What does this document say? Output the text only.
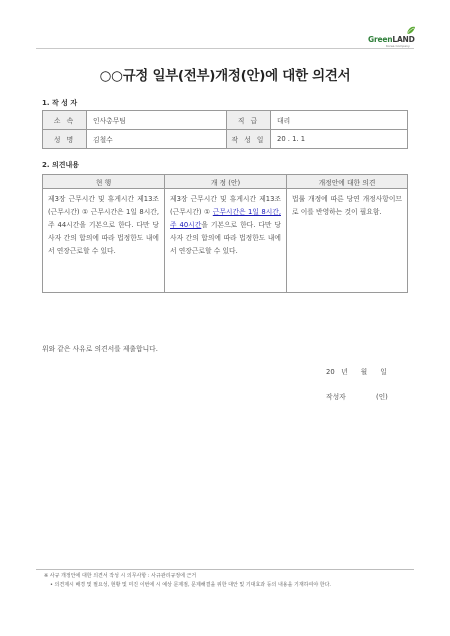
GreenLAND
Korea Company
○○규정 일부(전부)개정(안)에 대한 의견서
1. 작 성 자
소 속	인사총무팀	직 급	대리
성 명	김철수	작 성 일	20 . 1. 1
2. 의견내용
현 행	개 정 (안)	개정안에 대한 의견
제3장 근무시간 및 휴게시간 제13조(근무시간) ① 근무시간은 1일 8시간, 주 44시간을 기본으로 한다. 다만 당사자 간의 합의에 따라 법정한도 내에서 연장근로할 수 있다.	제3장 근무시간 및 휴게시간 제13조(근무시간) ① 근무시간은 1일 8시간, 주 40시간을 기본으로 한다. 다만 당사자 간의 합의에 따라 법정한도 내에서 연장근로할 수 있다.	법률 개정에 따른 당연 개정사항이므로 이를 반영하는 것이 필요함.
위와 같은 사유로 의견서를 제출합니다.
20   년      월      일
작성자              (인)
※ 사규 개정안에 대한 의견서 작성 시 의무사항 : 사규관리규정에 근거
• 의견제시 배경 및 필요성, 현황 및 미진 이번에 시 예상 문제점, 문제해결을 위한 대안 및 기대효과 등의 내용을 기재하여야 한다.
